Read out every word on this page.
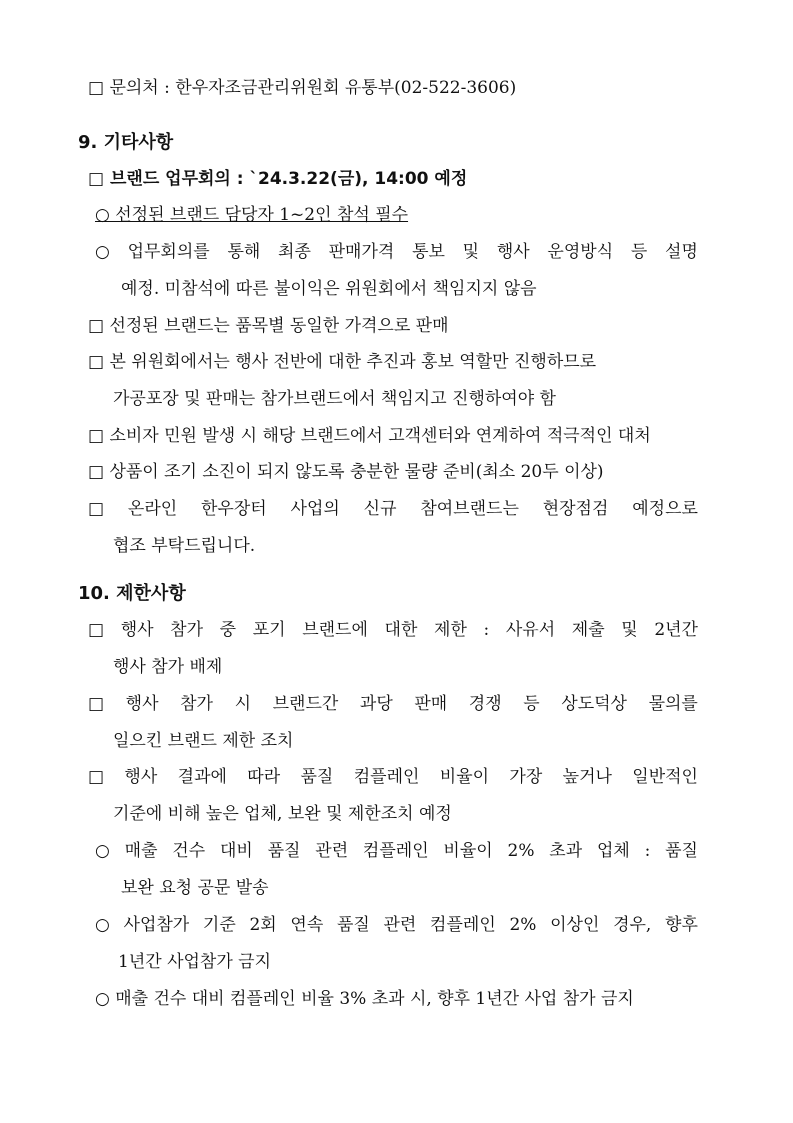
□ 문의처 : 한우자조금관리위원회 유통부(02-522-3606)
9. 기타사항
□ 브랜드 업무회의 : `24.3.22(금), 14:00 예정
○ 선정된 브랜드 담당자 1~2인 참석 필수
○ 업무회의를 통해 최종 판매가격 통보 및 행사 운영방식 등 설명
예정. 미참석에 따른 불이익은 위원회에서 책임지지 않음
□ 선정된 브랜드는 품목별 동일한 가격으로 판매
□ 본 위원회에서는 행사 전반에 대한 추진과 홍보 역할만 진행하므로
가공포장 및 판매는 참가브랜드에서 책임지고 진행하여야 함
□ 소비자 민원 발생 시 해당 브랜드에서 고객센터와 연계하여 적극적인 대처
□ 상품이 조기 소진이 되지 않도록 충분한 물량 준비(최소 20두 이상)
□ 온라인 한우장터 사업의 신규 참여브랜드는 현장점검 예정으로
협조 부탁드립니다.
10. 제한사항
□ 행사 참가 중 포기 브랜드에 대한 제한 : 사유서 제출 및 2년간
행사 참가 배제
□ 행사 참가 시 브랜드간 과당 판매 경쟁 등 상도덕상 물의를
일으킨 브랜드 제한 조치
□ 행사 결과에 따라 품질 컴플레인 비율이 가장 높거나 일반적인
기준에 비해 높은 업체, 보완 및 제한조치 예정
○ 매출 건수 대비 품질 관련 컴플레인 비율이 2% 초과 업체 : 품질
보완 요청 공문 발송
○ 사업참가 기준 2회 연속 품질 관련 컴플레인 2% 이상인 경우, 향후
1년간 사업참가 금지
○ 매출 건수 대비 컴플레인 비율 3% 초과 시, 향후 1년간 사업 참가 금지
